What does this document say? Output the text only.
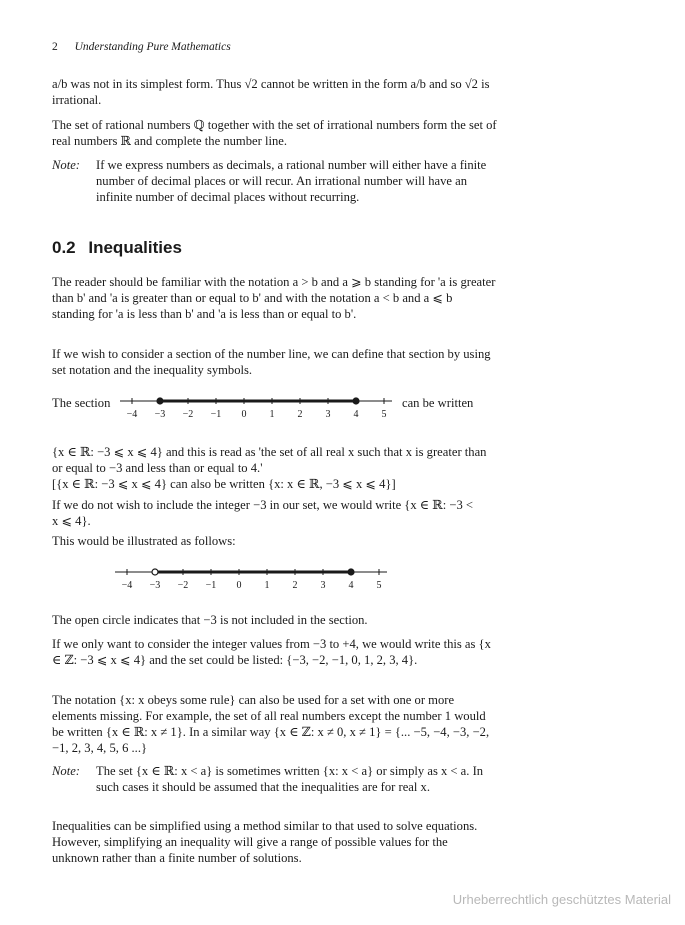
2 Understanding Pure Mathematics

a/b was not in its simplest form. Thus √2 cannot be written in the form a/b and so √2 is irrational.

The set of rational numbers ℚ together with the set of irrational numbers form the set of real numbers ℝ and complete the number line.

Note: If we express numbers as decimals, a rational number will either have a finite number of decimal places or will recur. An irrational number will have an infinite number of decimal places without recurring.

0.2 Inequalities

The reader should be familiar with the notation a > b and a ⩾ b standing for 'a is greater than b' and 'a is greater than or equal to b' and with the notation a < b and a ⩽ b standing for 'a is less than b' and 'a is less than or equal to b'.

If we wish to consider a section of the number line, we can define that section by using set notation and the inequality symbols.

The section
−4 −3 −2 −1 0 1 2 3 4 5
can be written

{x ∈ ℝ: −3 ⩽ x ⩽ 4} and this is read as 'the set of all real x such that x is greater than or equal to −3 and less than or equal to 4.'

[{x ∈ ℝ: −3 ⩽ x ⩽ 4} can also be written {x: x ∈ ℝ, −3 ⩽ x ⩽ 4}]

If we do not wish to include the integer −3 in our set, we would write {x ∈ ℝ: −3 < x ⩽ 4}.

This would be illustrated as follows:

−4 −3 −2 −1 0 1 2 3 4 5

The open circle indicates that −3 is not included in the section.

If we only want to consider the integer values from −3 to +4, we would write this as {x ∈ ℤ: −3 ⩽ x ⩽ 4} and the set could be listed: {−3, −2, −1, 0, 1, 2, 3, 4}.

The notation {x: x obeys some rule} can also be used for a set with one or more elements missing. For example, the set of all real numbers except the number 1 would be written {x ∈ ℝ: x ≠ 1}. In a similar way {x ∈ ℤ: x ≠ 0, x ≠ 1} = {... −5, −4, −3, −2, −1, 2, 3, 4, 5, 6 ...}

Note: The set {x ∈ ℝ: x < a} is sometimes written {x: x < a} or simply as x < a. In such cases it should be assumed that the inequalities are for real x.

Inequalities can be simplified using a method similar to that used to solve equations. However, simplifying an inequality will give a range of possible values for the unknown rather than a finite number of solutions.

Urheberrechtlich geschütztes Material
